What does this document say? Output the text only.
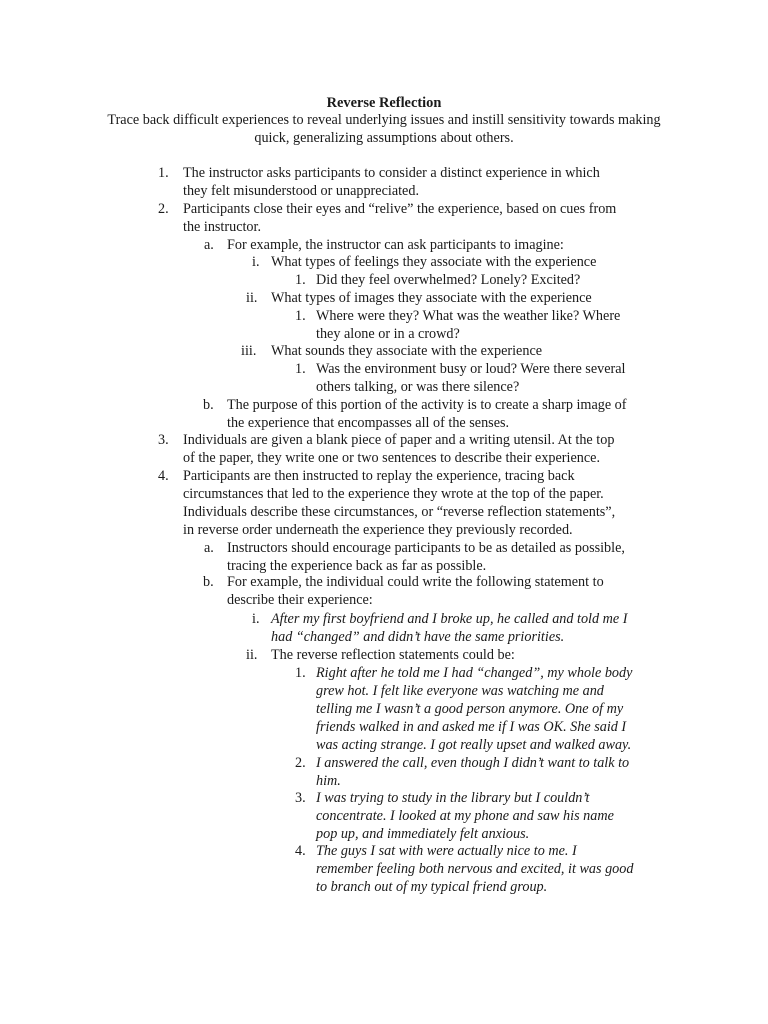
Reverse Reflection
Trace back difficult experiences to reveal underlying issues and instill sensitivity towards making quick, generalizing assumptions about others.
1. The instructor asks participants to consider a distinct experience in which
they felt misunderstood or unappreciated.
2. Participants close their eyes and “relive” the experience, based on cues from
the instructor.
a. For example, the instructor can ask participants to imagine:
i. What types of feelings they associate with the experience
1. Did they feel overwhelmed? Lonely? Excited?
ii. What types of images they associate with the experience
1. Where were they? What was the weather like? Where
they alone or in a crowd?
iii. What sounds they associate with the experience
1. Was the environment busy or loud? Were there several
others talking, or was there silence?
b. The purpose of this portion of the activity is to create a sharp image of
the experience that encompasses all of the senses.
3. Individuals are given a blank piece of paper and a writing utensil. At the top
of the paper, they write one or two sentences to describe their experience.
4. Participants are then instructed to replay the experience, tracing back
circumstances that led to the experience they wrote at the top of the paper.
Individuals describe these circumstances, or “reverse reflection statements”,
in reverse order underneath the experience they previously recorded.
a. Instructors should encourage participants to be as detailed as possible,
tracing the experience back as far as possible.
b. For example, the individual could write the following statement to
describe their experience:
i. After my first boyfriend and I broke up, he called and told me I
had “changed” and didn’t have the same priorities.
ii. The reverse reflection statements could be:
1. Right after he told me I had “changed”, my whole body
grew hot. I felt like everyone was watching me and
telling me I wasn’t a good person anymore. One of my
friends walked in and asked me if I was OK. She said I
was acting strange. I got really upset and walked away.
2. I answered the call, even though I didn’t want to talk to
him.
3. I was trying to study in the library but I couldn’t
concentrate. I looked at my phone and saw his name
pop up, and immediately felt anxious.
4. The guys I sat with were actually nice to me. I
remember feeling both nervous and excited, it was good
to branch out of my typical friend group.
